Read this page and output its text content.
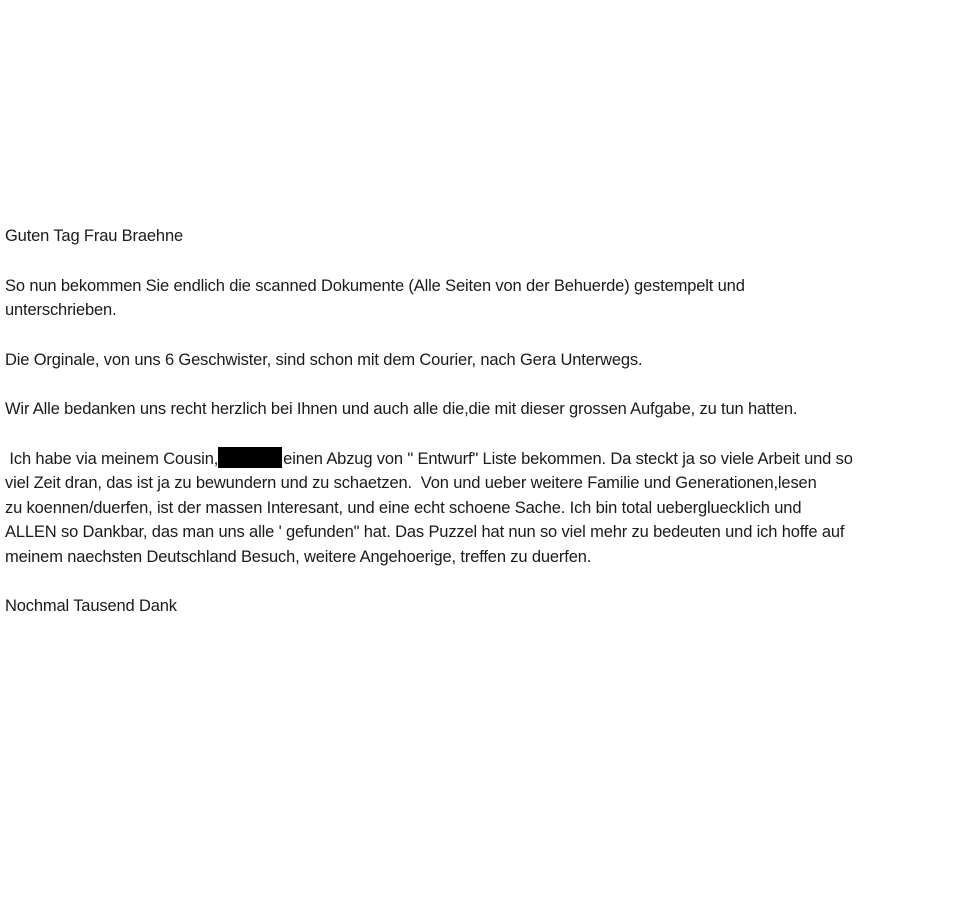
Guten Tag Frau Braehne

So nun bekommen Sie endlich die scanned Dokumente (Alle Seiten von der Behuerde) gestempelt und
unterschrieben.

Die Orginale, von uns 6 Geschwister, sind schon mit dem Courier, nach Gera Unterwegs.

Wir Alle bedanken uns recht herzlich bei Ihnen und auch alle die,die mit dieser grossen Aufgabe, zu tun hatten.

Ich habe via meinem Cousin,	einen Abzug von " Entwurf" Liste bekommen. Da steckt ja so viele Arbeit und so
viel Zeit dran, das ist ja zu bewundern und zu schaetzen.  Von und ueber weitere Familie und Generationen,lesen
zu koennen/duerfen, ist der massen Interesant, und eine echt schoene Sache. Ich bin total ueberglueckIich und
ALLEN so Dankbar, das man uns alle ' gefunden" hat. Das Puzzel hat nun so viel mehr zu bedeuten und ich hoffe auf
meinem naechsten Deutschland Besuch, weitere Angehoerige, treffen zu duerfen.

Nochmal Tausend Dank
